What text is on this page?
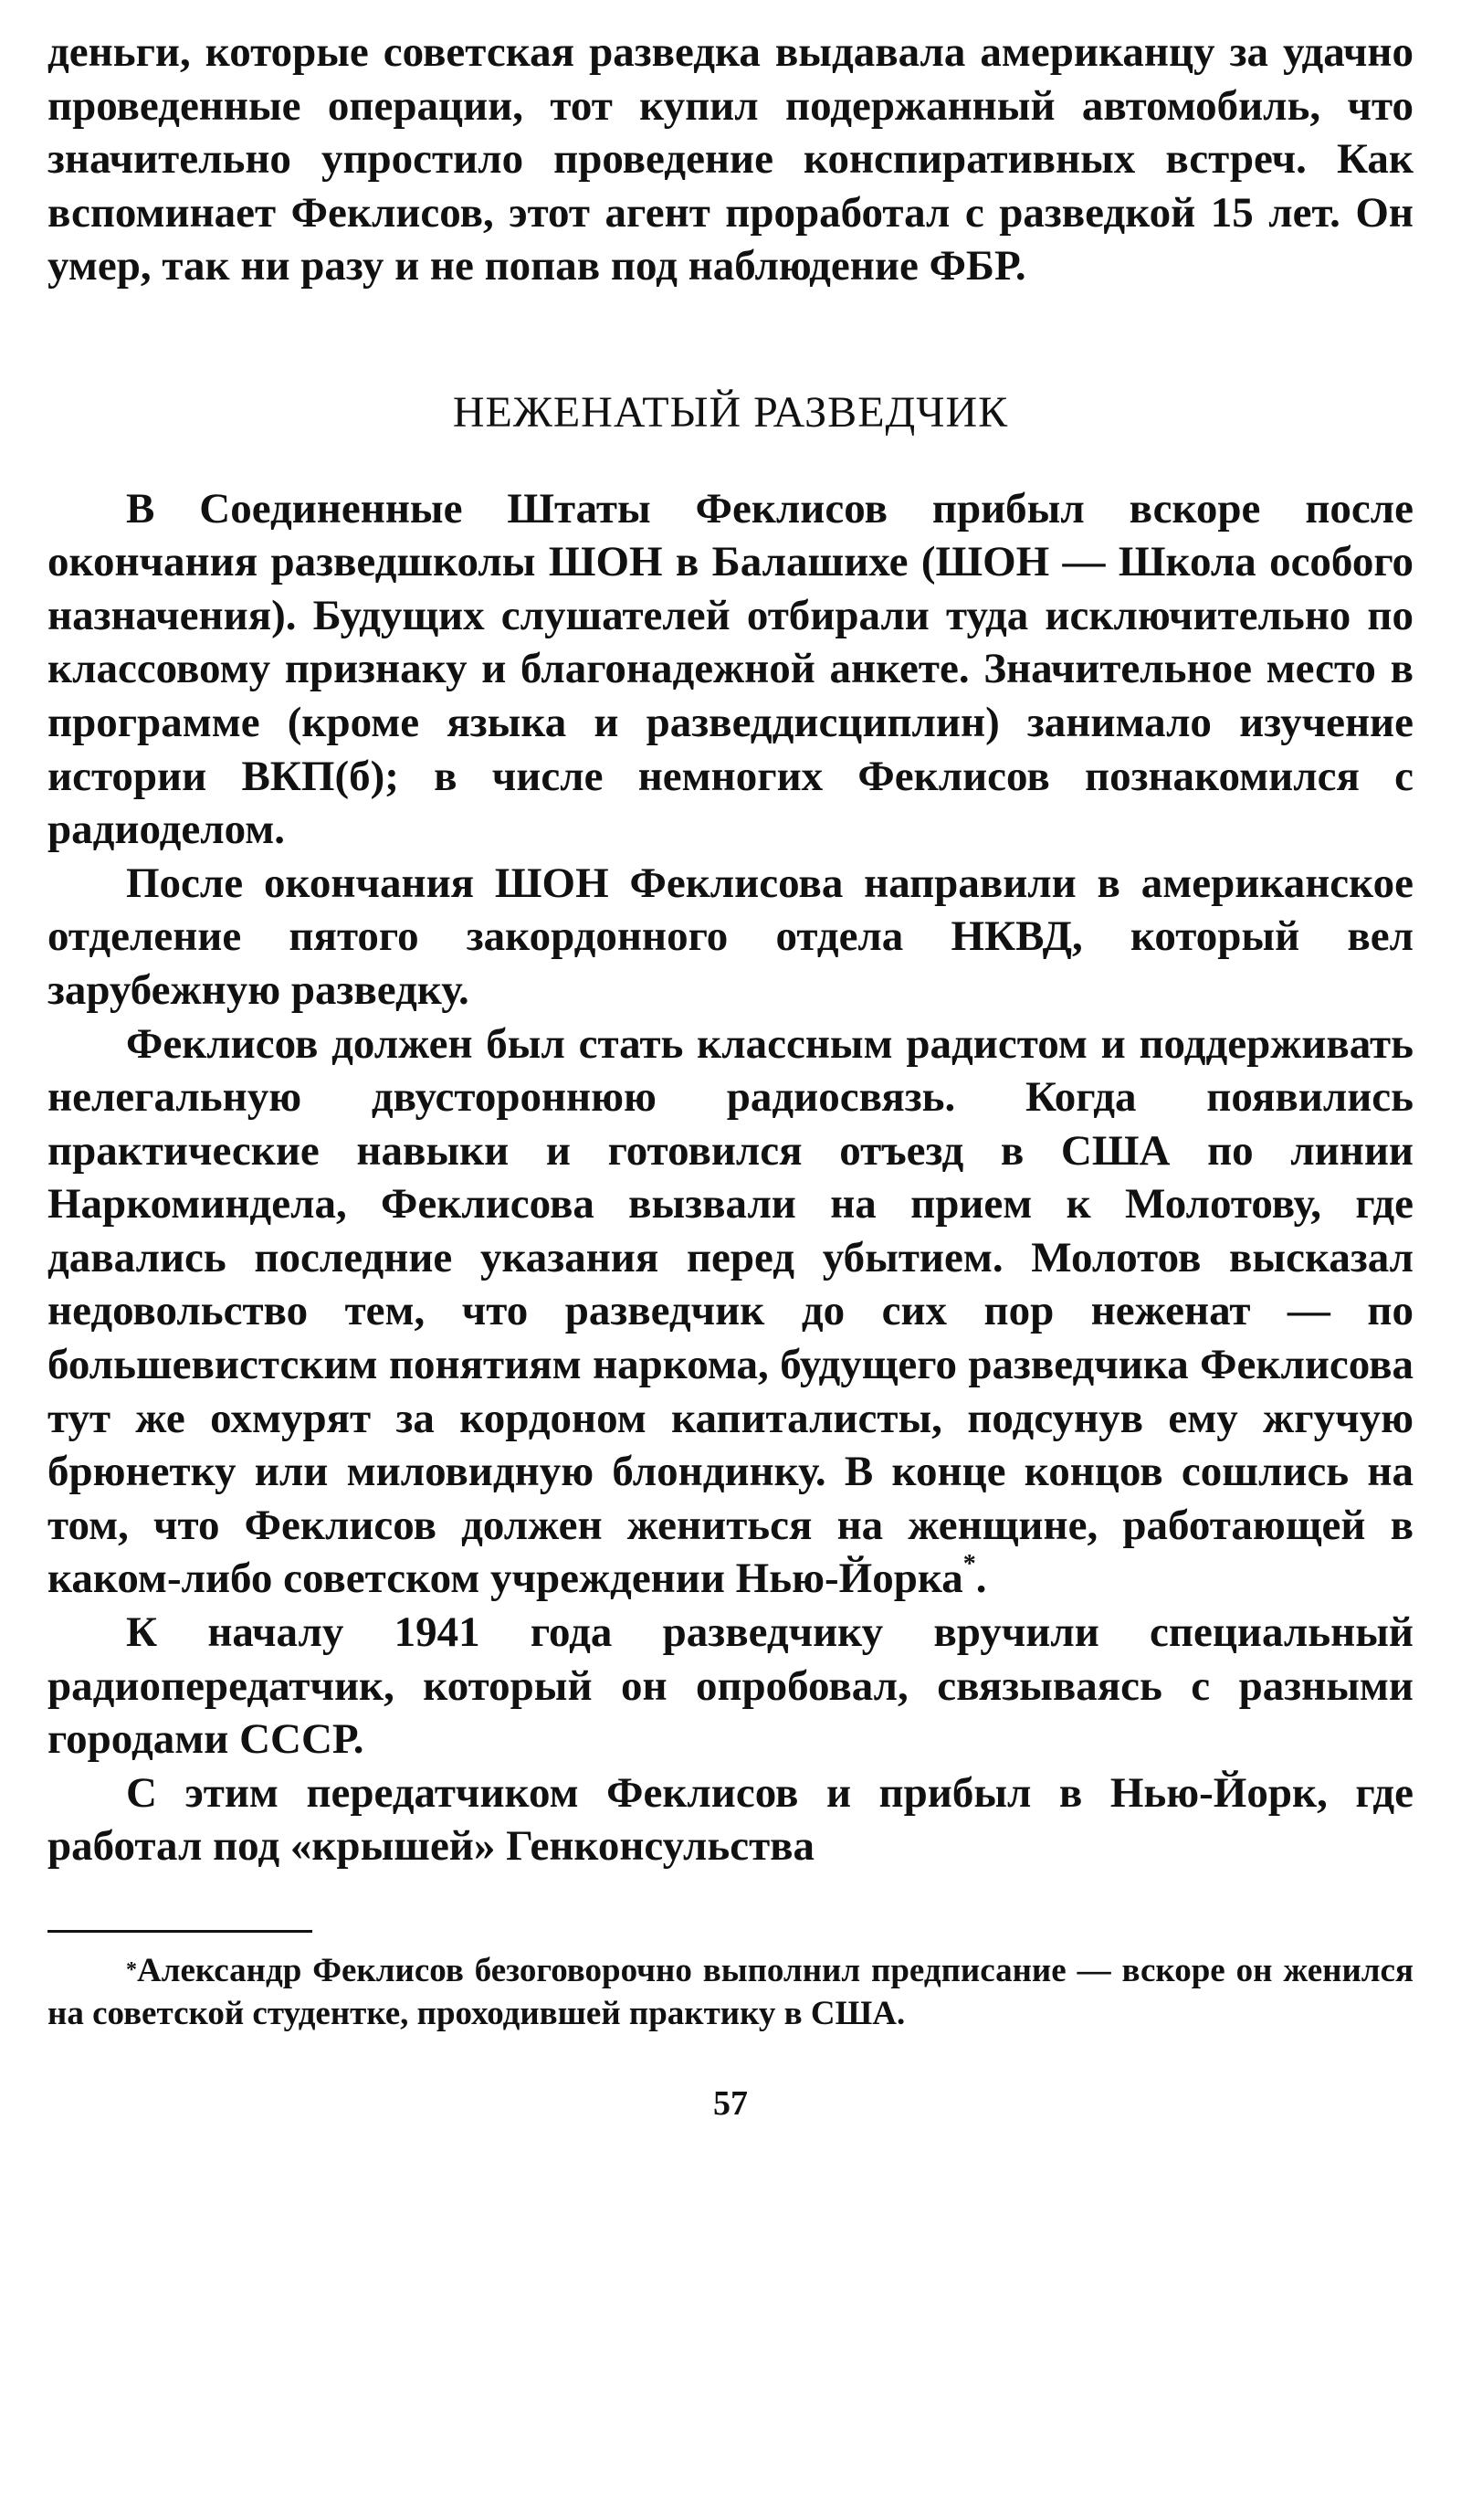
деньги, которые советская разведка выдавала американцу за удачно проведенные операции, тот купил подержанный автомобиль, что значительно упростило проведение конспиративных встреч. Как вспоминает Феклисов, этот агент проработал с разведкой 15 лет. Он умер, так ни разу и не попав под наблюдение ФБР.

НЕЖЕНАТЫЙ РАЗВЕДЧИК

В Соединенные Штаты Феклисов прибыл вскоре после окончания разведшколы ШОН в Балашихе (ШОН — Школа особого назначения). Будущих слушателей отбирали туда исключительно по классовому признаку и благонадежной анкете. Значительное место в программе (кроме языка и разведдисциплин) занимало изучение истории ВКП(б); в числе немногих Феклисов познакомился с радиоделом.

После окончания ШОН Феклисова направили в американское отделение пятого закордонного отдела НКВД, который вел зарубежную разведку.

Феклисов должен был стать классным радистом и поддерживать нелегальную двустороннюю радиосвязь. Когда появились практические навыки и готовился отъезд в США по линии Наркоминдела, Феклисова вызвали на прием к Молотову, где давались последние указания перед убытием. Молотов высказал недовольство тем, что разведчик до сих пор неженат — по большевистским понятиям наркома, будущего разведчика Феклисова тут же охмурят за кордоном капиталисты, подсунув ему жгучую брюнетку или миловидную блондинку. В конце концов сошлись на том, что Феклисов должен жениться на женщине, работающей в каком-либо советском учреждении Нью-Йорка*.

К началу 1941 года разведчику вручили специальный радиопередатчик, который он опробовал, связываясь с разными городами СССР.

С этим передатчиком Феклисов и прибыл в Нью-Йорк, где работал под «крышей» Генконсульства

*Александр Феклисов безоговорочно выполнил предписание — вскоре он женился на советской студентке, проходившей практику в США.

57
